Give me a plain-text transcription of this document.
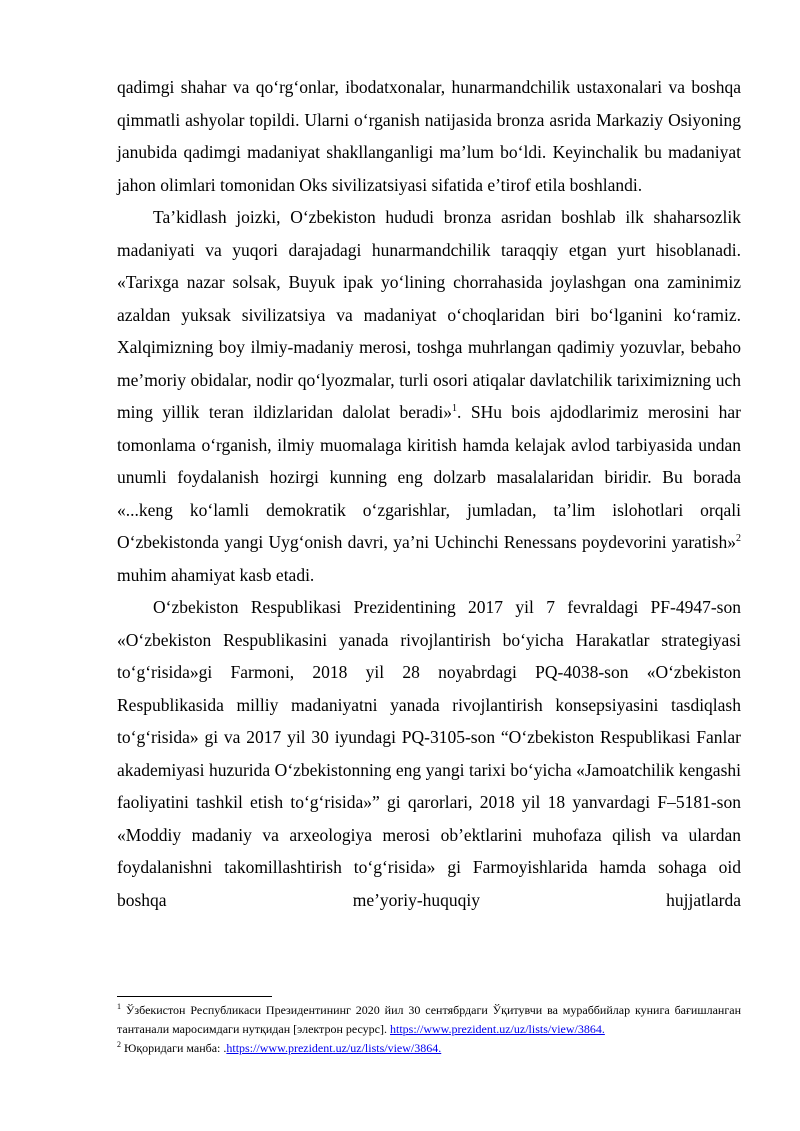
qadimgi shahar va qo‘rg‘onlar, ibodatxonalar, hunarmandchilik ustaxonalari va boshqa qimmatli ashyolar topildi. Ularni o‘rganish natijasida bronza asrida Markaziy Osiyoning janubida qadimgi madaniyat shakllanganligi ma’lum bo‘ldi. Keyinchalik bu madaniyat jahon olimlari tomonidan Oks sivilizatsiyasi sifatida e’tirof etila boshlandi.

Ta’kidlash joizki, O‘zbekiston hududi bronza asridan boshlab ilk shaharsozlik madaniyati va yuqori darajadagi hunarmandchilik taraqqiy etgan yurt hisoblanadi. «Tarixga nazar solsak, Buyuk ipak yo‘lining chorrahasida joylashgan ona zaminimiz azaldan yuksak sivilizatsiya va madaniyat o‘choqlaridan biri bo‘lganini ko‘ramiz. Xalqimizning boy ilmiy-madaniy merosi, toshga muhrlangan qadimiy yozuvlar, bebaho me’moriy obidalar, nodir qo‘lyozmalar, turli osori atiqalar davlatchilik tariximizning uch ming yillik teran ildizlaridan dalolat beradi»$^1$. SHu bois ajdodlarimiz merosini har tomonlama o‘rganish, ilmiy muomalaga kiritish hamda kelajak avlod tarbiyasida undan unumli foydalanish hozirgi kunning eng dolzarb masalalaridan biridir. Bu borada «...keng ko‘lamli demokratik o‘zgarishlar, jumladan, ta’lim islohotlari orqali O‘zbekistonda yangi Uyg‘onish davri, ya’ni Uchinchi Renessans poydevorini yaratish»$^2$ muhim ahamiyat kasb etadi.

O‘zbekiston Respublikasi Prezidentining 2017 yil 7 fevraldagi PF-4947-son «O‘zbekiston Respublikasini yanada rivojlantirish bo‘yicha Harakatlar strategiyasi to‘g‘risida»gi Farmoni, 2018 yil 28 noyabrdagi PQ-4038-son «O‘zbekiston Respublikasida milliy madaniyatni yanada rivojlantirish konsepsiyasini tasdiqlash to‘g‘risida» gi va 2017 yil 30 iyundagi PQ-3105-son “O‘zbekiston Respublikasi Fanlar akademiyasi huzurida O‘zbekistonning eng yangi tarixi bo‘yicha «Jamoatchilik kengashi faoliyatini tashkil etish to‘g‘risida»” gi qarorlari, 2018 yil 18 yanvardagi F–5181-son «Moddiy madaniy va arxeologiya merosi ob’ektlarini muhofaza qilish va ulardan foydalanishni takomillashtirish to‘g‘risida» gi Farmoyishlarida hamda sohaga oid boshqa me’yoriy-huquqiy hujjatlarda

$^1$ Ўзбекистон Республикаси Президентининг 2020 йил 30 сентябрдаги Ўқитувчи ва мураббийлар кунига бағишланган тантанали маросимдаги нутқидан [электрон ресурс]. https://www.prezident.uz/uz/lists/view/3864.

$^2$ Юқоридаги манба: .https://www.prezident.uz/uz/lists/view/3864.
